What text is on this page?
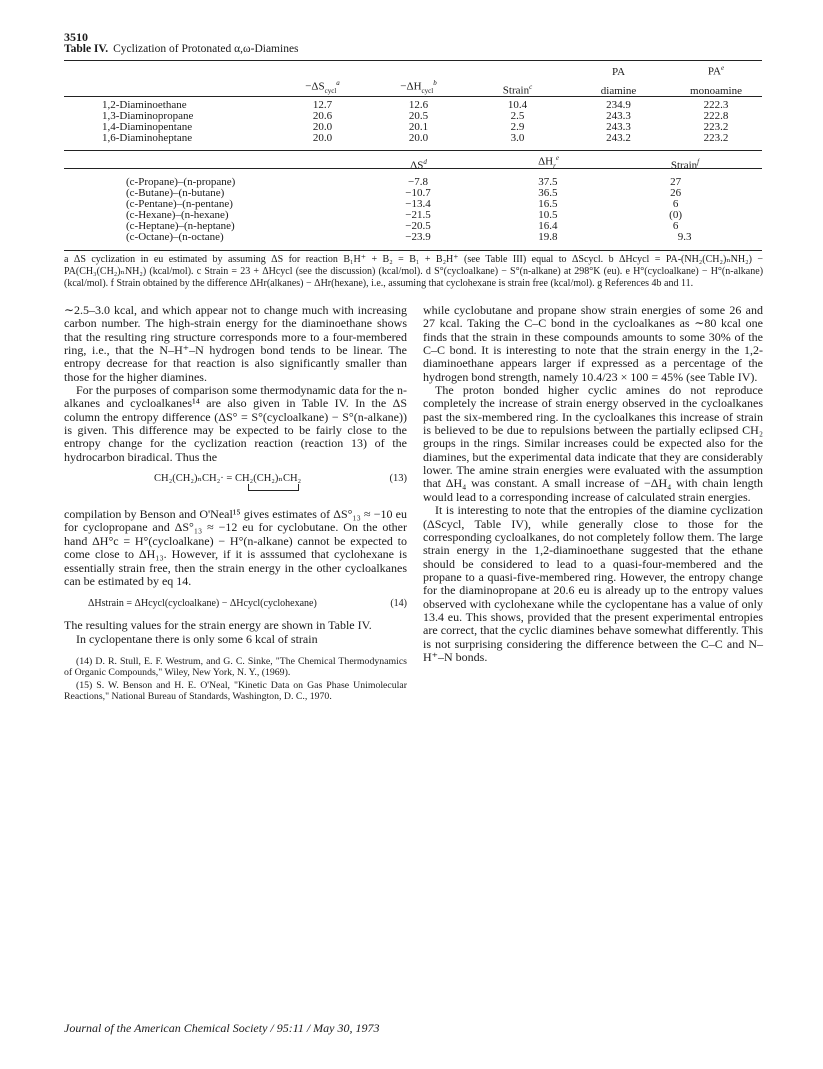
3510
Table IV. Cyclization of Protonated α,ω-Diamines
				PA	$PA^e$
	$-\Delta S_{cycl}^a$	$-\Delta H_{cycl}^b$	Strain$^c$	diamine	monoamine
1,2-Diaminoethane	12.7	12.6	10.4	234.9	222.3
1,3-Diaminopropane	20.6	20.5	2.5	243.3	222.8
1,4-Diaminopentane	20.0	20.1	2.9	243.3	223.2
1,6-Diaminoheptane	20.0	20.0	3.0	243.2	223.2
		$\Delta S^d$	$\Delta H_r^e$		Strain$^f$
(c-Propane)–(n-propane)		−7.8	37.5		27
(c-Butane)–(n-butane)		−10.7	36.5		26
(c-Pentane)–(n-pentane)		−13.4	16.5		6
(c-Hexane)–(n-hexane)		−21.5	10.5		(0)
(c-Heptane)–(n-heptane)		−20.5	16.4		6
(c-Octane)–(n-octane)		−23.9	19.8		9.3
a ΔS cyclization in eu estimated by assuming ΔS for reaction B₁H⁺ + B₂ = B₁ + B₂H⁺ (see Table III) equal to ΔScycl. b ΔHcycl = PA-(NH₂(CH₂)ₙNH₂) − PA(CH₃(CH₂)ₙNH₂) (kcal/mol). c Strain = 23 + ΔHcycl (see the discussion) (kcal/mol). d S°(cycloalkane) − S°(n-alkane) at 298°K (eu). e H°(cycloalkane) − H°(n-alkane) (kcal/mol). f Strain obtained by the difference ΔHr(alkanes) − ΔHr(hexane), i.e., assuming that cyclohexane is strain free (kcal/mol). g References 4b and 11.

∼2.5–3.0 kcal, and which appear not to change much with increasing carbon number. The high-strain energy for the diaminoethane shows that the resulting ring structure corresponds more to a four-membered ring, i.e., that the N–H⁺–N hydrogen bond tends to be linear. The entropy decrease for that reaction is also significantly smaller than those for the higher diamines.

For the purposes of comparison some thermodynamic data for the n-alkanes and cycloalkanes¹⁴ are also given in Table IV. In the ΔS column the entropy difference (ΔS° = S°(cycloalkane) − S°(n-alkane)) is given. This difference may be expected to be fairly close to the entropy change for the cyclization reaction (reaction 13) of the hydrocarbon biradical. Thus the

CH₂(CH₂)ₙCH₂· = CH₂(CH₂)ₙCH₂	(13)

compilation by Benson and O'Neal¹⁵ gives estimates of ΔS°₁₃ ≈ −10 eu for cyclopropane and ΔS°₁₃ ≈ −12 eu for cyclobutane. On the other hand ΔH°c = H°(cycloalkane) − H°(n-alkane) cannot be expected to come close to ΔH₁₃. However, if it is asssumed that cyclohexane is essentially strain free, then the strain energy in the other cycloalkanes can be estimated by eq 14.

ΔHstrain = ΔHcycl(cycloalkane) − ΔHcycl(cyclohexane)	(14)

The resulting values for the strain energy are shown in Table IV.

In cyclopentane there is only some 6 kcal of strain

(14) D. R. Stull, E. F. Westrum, and G. C. Sinke, "The Chemical Thermodynamics of Organic Compounds," Wiley, New York, N. Y., (1969).

(15) S. W. Benson and H. E. O'Neal, "Kinetic Data on Gas Phase Unimolecular Reactions," National Bureau of Standards, Washington, D. C., 1970.

while cyclobutane and propane show strain energies of some 26 and 27 kcal. Taking the C–C bond in the cycloalkanes as ∼80 kcal one finds that the strain in these compounds amounts to some 30% of the C–C bond. It is interesting to note that the strain energy in the 1,2-diaminoethane appears larger if expressed as a percentage of the hydrogen bond strength, namely 10.4/23 × 100 = 45% (see Table IV).

The proton bonded higher cyclic amines do not reproduce completely the increase of strain energy observed in the cycloalkanes past the six-membered ring. In the cycloalkanes this increase of strain is believed to be due to repulsions between the partially eclipsed CH₂ groups in the rings. Similar increases could be expected also for the diamines, but the experimental data indicate that they are considerably lower. The amine strain energies were evaluated with the assumption that ΔH₄ was constant. A small increase of −ΔH₄ with chain length would lead to a corresponding increase of calculated strain energies.

It is interesting to note that the entropies of the diamine cyclization (ΔScycl, Table IV), while generally close to those for the corresponding cycloalkanes, do not completely follow them. The large strain energy in the 1,2-diaminoethane suggested that the ethane should be considered to lead to a quasi-four-membered and the propane to a quasi-five-membered ring. However, the entropy change for the diaminopropane at 20.6 eu is already up to the entropy values observed with cyclohexane while the cyclopentane has a value of only 13.4 eu. This shows, provided that the present experimental entropies are correct, that the cyclic diamines behave somewhat differently. This is not surprising considering the difference between the C–C and N–H⁺–N bonds.

Journal of the American Chemical Society / 95:11 / May 30, 1973
